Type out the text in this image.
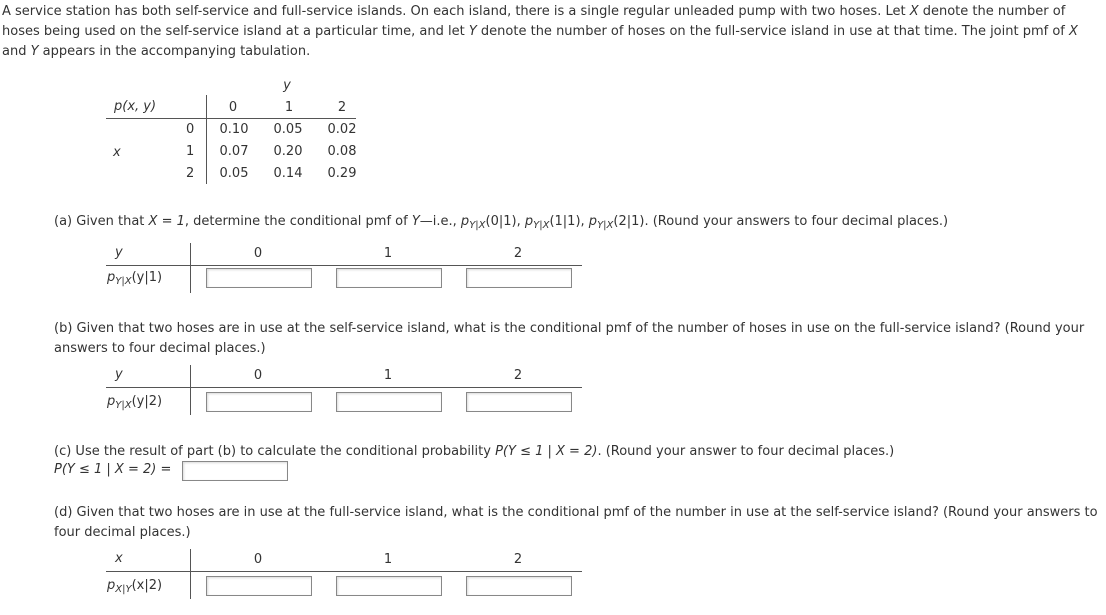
A service station has both self-service and full-service islands. On each island, there is a single regular unleaded pump with two hoses. Let X denote the number of hoses being used on the self-service island at a particular time, and let Y denote the number of hoses on the full-service island in use at that time. The joint pmf of X and Y appears in the accompanying tabulation.

y
p(x, y)	0	1	2
x
0	0.10	0.05	0.02
1	0.07	0.20	0.08
2	0.05	0.14	0.29

(a) Given that X = 1, determine the conditional pmf of Y—i.e., $p_{Y|X}(0|1)$, $p_{Y|X}(1|1)$, $p_{Y|X}(2|1)$. (Round your answers to four decimal places.)

y	0	1	2
$p_{Y|X}(y|1)$

(b) Given that two hoses are in use at the self-service island, what is the conditional pmf of the number of hoses in use on the full-service island? (Round your answers to four decimal places.)

y	0	1	2
$p_{Y|X}(y|2)$

(c) Use the result of part (b) to calculate the conditional probability P(Y ≤ 1 | X = 2). (Round your answer to four decimal places.)

P(Y ≤ 1 | X = 2) =

(d) Given that two hoses are in use at the full-service island, what is the conditional pmf of the number in use at the self-service island? (Round your answers to four decimal places.)

x	0	1	2
$p_{X|Y}(x|2)$
